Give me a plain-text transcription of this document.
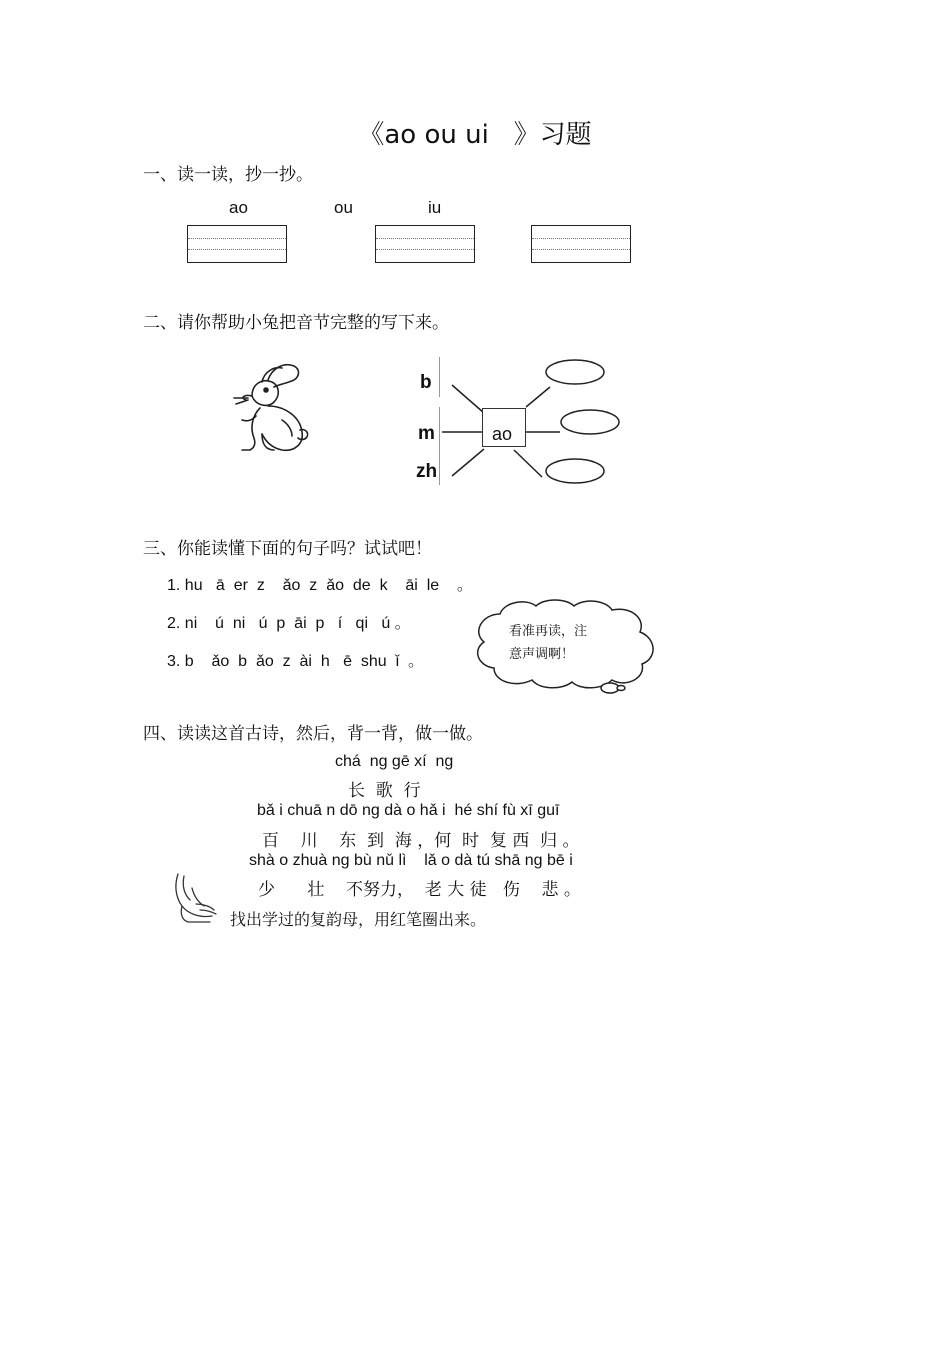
《ao ou ui   》习题
一、读一读，抄一抄。
ao	ou	iu
二、请你帮助小兔把音节完整的写下来。
b
m
zh
ao
三、你能读懂下面的句子吗？试试吧！
1. hu   ā  er  z    ǎo  z  ǎo  de  k    āi  le    。
2. ni    ú  ni   ú  p  āi  p   í   qi   ú 。
3. b    ǎo  b  ǎo  z  ài  h   ē  shu  ǐ  。
看准再读，注
意声调啊！
四、读读这首古诗，然后，背一背，做一做。
chá  ng gē xí  ng
长  歌  行
bǎ i chuā n dō ng dà o hǎ i  hé shí fù xī guī
百    川    东  到  海 ，何  时  复 西  归 。
shà o zhuà ng bù nǔ lì    lǎ o dà tú shā ng bē i
少      壮    不努力，  老 大 徒   伤    悲 。
找出学过的复韵母，用红笔圈出来。
